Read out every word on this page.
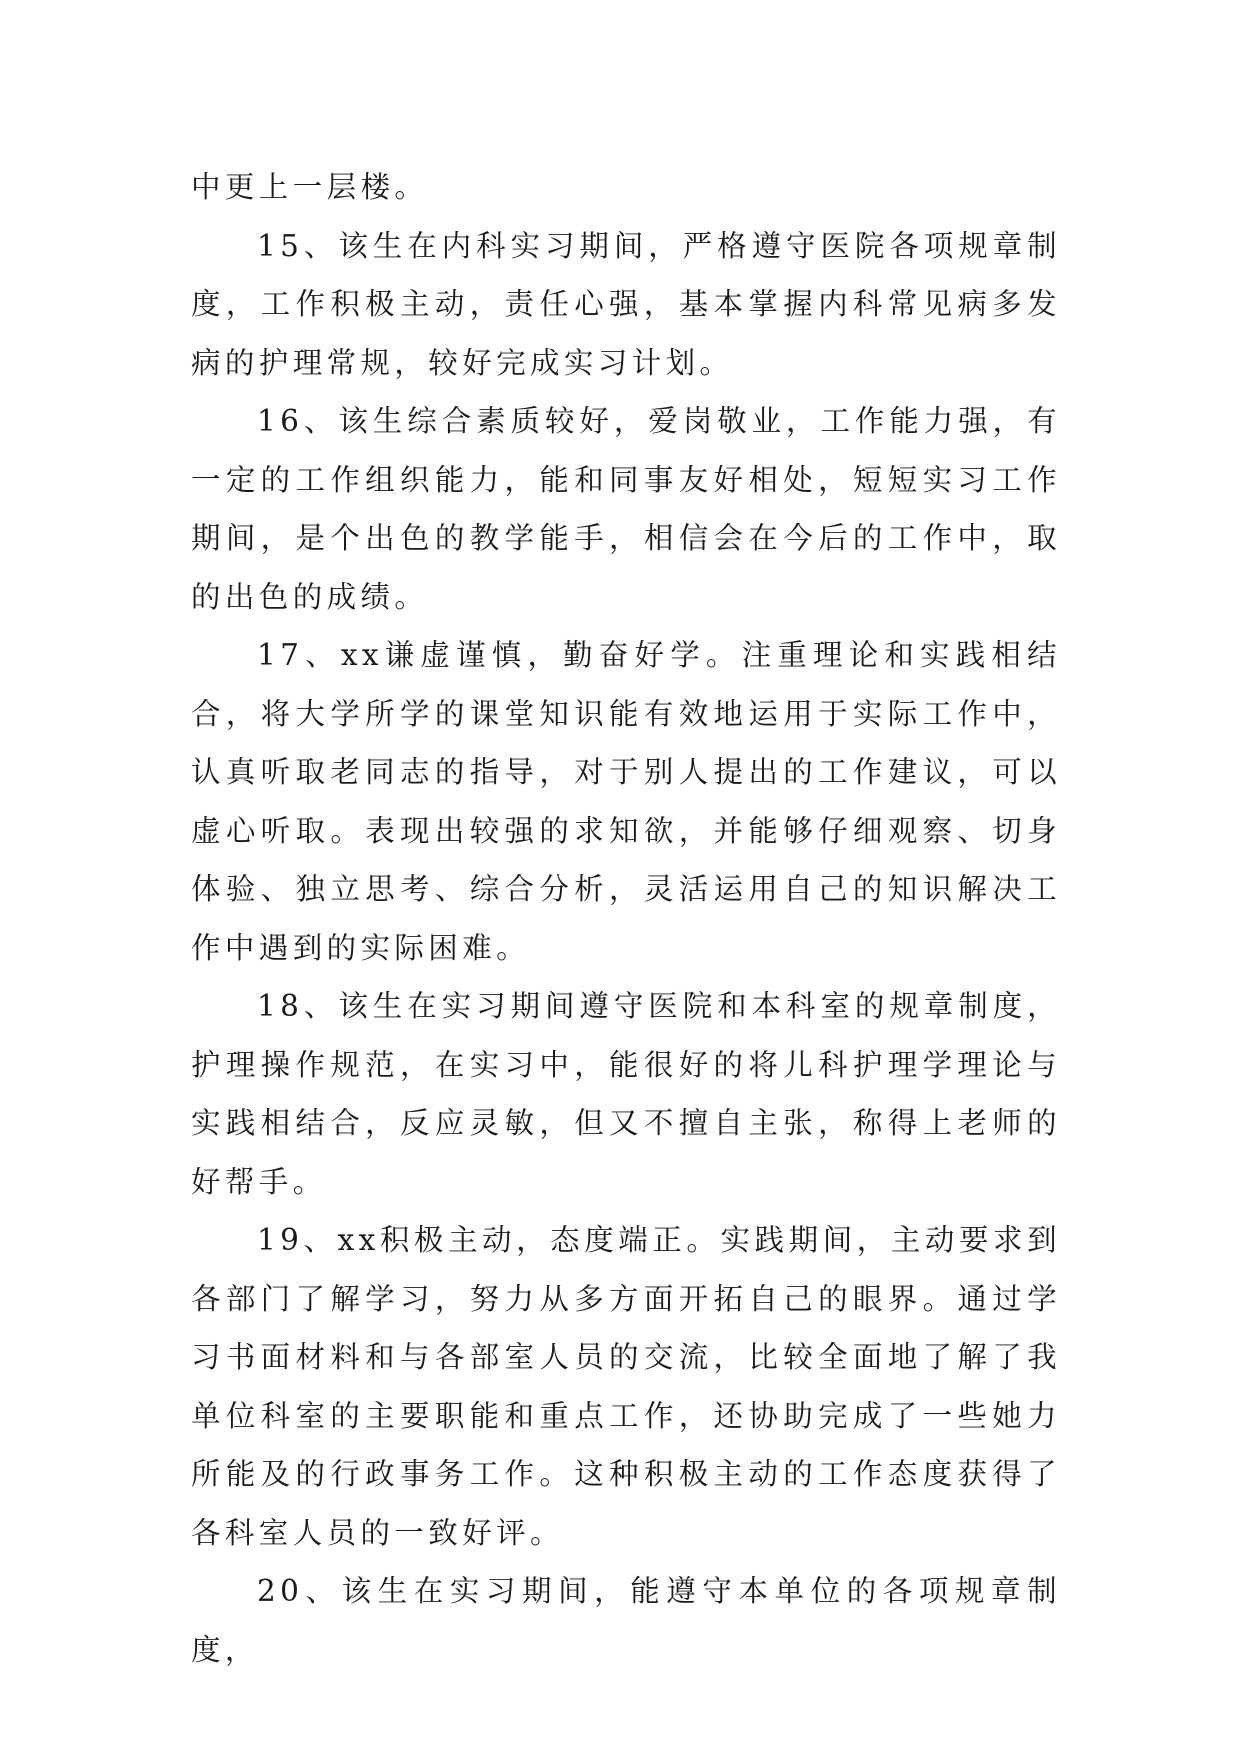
中更上一层楼。

15、该生在内科实习期间，严格遵守医院各项规章制度，工作积极主动，责任心强，基本掌握内科常见病多发病的护理常规，较好完成实习计划。

16、该生综合素质较好，爱岗敬业，工作能力强，有一定的工作组织能力，能和同事友好相处，短短实习工作期间，是个出色的教学能手，相信会在今后的工作中，取的出色的成绩。

17、xx谦虚谨慎，勤奋好学。注重理论和实践相结合，将大学所学的课堂知识能有效地运用于实际工作中，认真听取老同志的指导，对于别人提出的工作建议，可以虚心听取。表现出较强的求知欲，并能够仔细观察、切身体验、独立思考、综合分析，灵活运用自己的知识解决工作中遇到的实际困难。

18、该生在实习期间遵守医院和本科室的规章制度，护理操作规范，在实习中，能很好的将儿科护理学理论与实践相结合，反应灵敏，但又不擅自主张，称得上老师的好帮手。

19、xx积极主动，态度端正。实践期间，主动要求到各部门了解学习，努力从多方面开拓自己的眼界。通过学习书面材料和与各部室人员的交流，比较全面地了解了我单位科室的主要职能和重点工作，还协助完成了一些她力所能及的行政事务工作。这种积极主动的工作态度获得了各科室人员的一致好评。

20、该生在实习期间，能遵守本单位的各项规章制度，
